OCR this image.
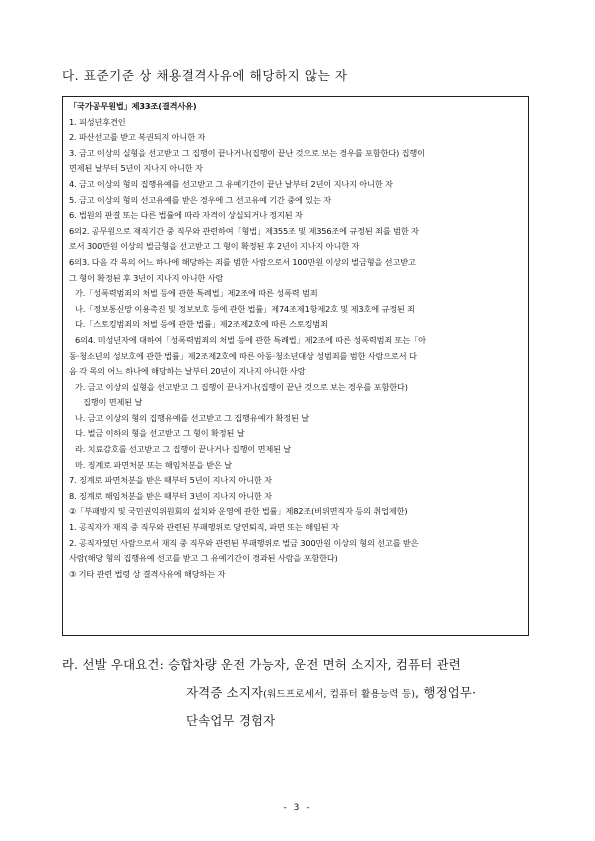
다. 표준기준 상 채용결격사유에 해당하지 않는 자
「국가공무원법」제33조(결격사유)
1. 피성년후견인
2. 파산선고를 받고 복권되지 아니한 자
3. 금고 이상의 실형을 선고받고 그 집행이 끝나거나(집행이 끝난 것으로 보는 경우를 포함한다) 집행이
면제된 날부터 5년이 지나지 아니한 자
4. 금고 이상의 형의 집행유예를 선고받고 그 유예기간이 끝난 날부터 2년이 지나지 아니한 자
5. 금고 이상의 형의 선고유예를 받은 경우에 그 선고유예 기간 중에 있는 자
6. 법원의 판결 또는 다른 법률에 따라 자격이 상실되거나 정지된 자
6의2. 공무원으로 재직기간 중 직무와 관련하여「형법」제355조 및 제356조에 규정된 죄를 범한 자
로서 300만원 이상의 벌금형을 선고받고 그 형이 확정된 후 2년이 지나지 아니한 자
6의3. 다음 각 목의 어느 하나에 해당하는 죄를 범한 사람으로서 100만원 이상의 벌금형을 선고받고
그 형이 확정된 후 3년이 지나지 아니한 사람
가.「성폭력범죄의 처벌 등에 관한 특례법」제2조에 따른 성폭력 범죄
나.「정보통신망 이용촉진 및 정보보호 등에 관한 법률」제74조제1항제2호 및 제3호에 규정된 죄
다.「스토킹범죄의 처벌 등에 관한 법률」제2조제2호에 따른 스토킹범죄
6의4. 미성년자에 대하여「성폭력범죄의 처벌 등에 관한 특례법」제2조에 따른 성폭력범죄 또는「아
동·청소년의 성보호에 관한 법률」제2조제2호에 따른 아동·청소년대상 성범죄를 범한 사람으로서 다
음 각 목의 어느 하나에 해당하는 날부터 20년이 지나지 아니한 사람
가. 금고 이상의 실형을 선고받고 그 집행이 끝나거나(집행이 끝난 것으로 보는 경우를 포함한다)
집행이 면제된 날
나. 금고 이상의 형의 집행유예를 선고받고 그 집행유예가 확정된 날
다. 벌금 이하의 형을 선고받고 그 형이 확정된 날
라. 치료감호를 선고받고 그 집행이 끝나거나 집행이 면제된 날
마. 징계로 파면처분 또는 해임처분을 받은 날
7. 징계로 파면처분을 받은 때부터 5년이 지나지 아니한 자
8. 징계로 해임처분을 받은 때부터 3년이 지나지 아니한 자
②「부패방지 및 국민권익위원회의 설치와 운영에 관한 법률」제82조(비위면직자 등의 취업제한)
1. 공직자가 재직 중 직무와 관련된 부패행위로 당연퇴직, 파면 또는 해임된 자
2. 공직자였던 사람으로서 재직 중 직무와 관련된 부패행위로 벌금 300만원 이상의 형의 선고를 받은
사람(해당 형의 집행유예 선고를 받고 그 유예기간이 경과된 사람을 포함한다)
③ 기타 관련 법령 상 결격사유에 해당하는 자
라. 선발 우대요건: 승합차량 운전 가능자, 운전 면허 소지자, 컴퓨터 관련
자격증 소지자(워드프로세서, 컴퓨터 활용능력 등), 행정업무·
단속업무 경험자
- 3 -
